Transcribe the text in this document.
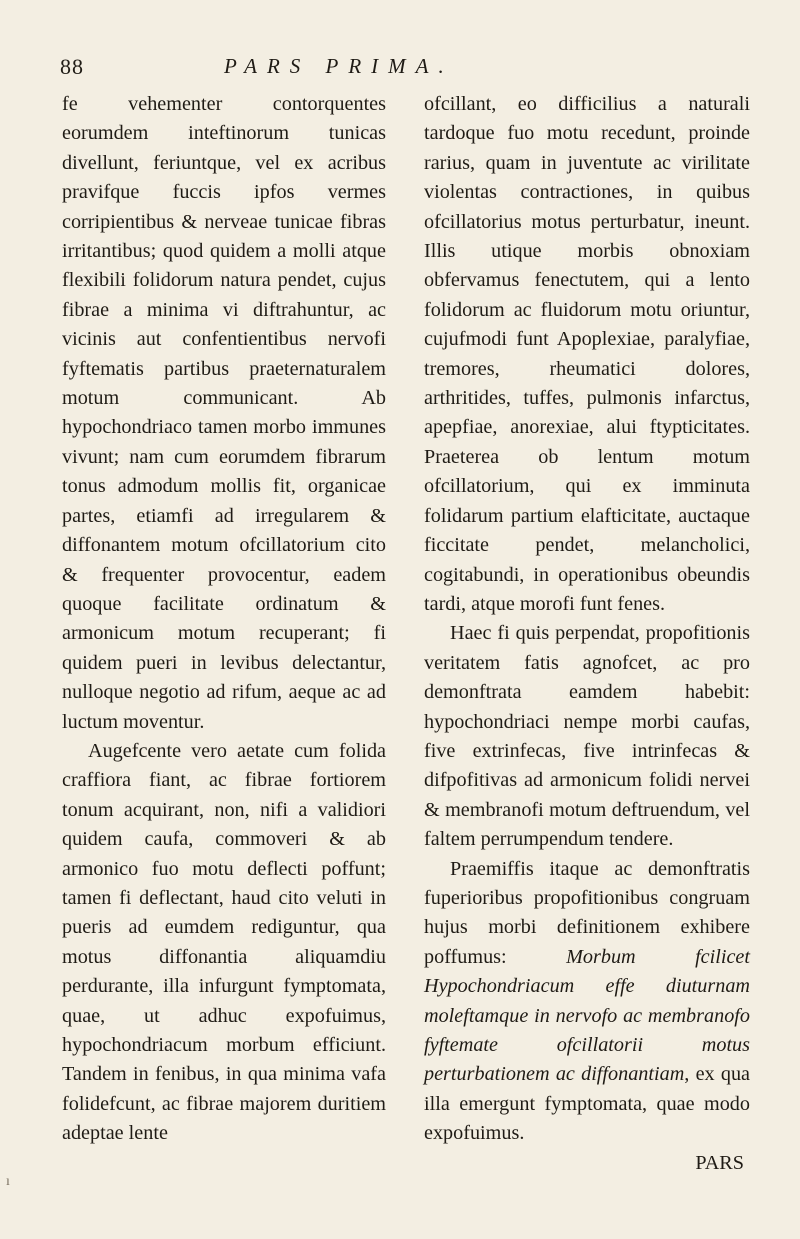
88	PARS PRIMA.

fe vehementer contorquentes eorumdem inteftinorum tunicas divellunt, feriuntque, vel ex acribus pravifque fuccis ipfos vermes corripientibus & nerveae tunicae fibras irritantibus; quod quidem a molli atque flexibili folidorum natura pendet, cujus fibrae a minima vi diftrahuntur, ac vicinis aut confentientibus nervofi fyftematis partibus praeternaturalem motum communicant. Ab hypochondriaco tamen morbo immunes vivunt; nam cum eorumdem fibrarum tonus admodum mollis fit, organicae partes, etiamfi ad irregularem & diffonantem motum ofcillatorium cito & frequenter provocentur, eadem quoque facilitate ordinatum & armonicum motum recuperant; fi quidem pueri in levibus delectantur, nulloque negotio ad rifum, aeque ac ad luctum moventur.

Augefcente vero aetate cum folida craffiora fiant, ac fibrae fortiorem tonum acquirant, non, nifi a validiori quidem caufa, commoveri & ab armonico fuo motu deflecti poffunt; tamen fi deflectant, haud cito veluti in pueris ad eumdem rediguntur, qua motus diffonantia aliquamdiu perdurante, illa infurgunt fymptomata, quae, ut adhuc expofuimus, hypochondriacum morbum efficiunt. Tandem in fenibus, in qua minima vafa folidefcunt, ac fibrae majorem duritiem adeptae lente

ofcillant, eo difficilius a naturali tardoque fuo motu recedunt, proinde rarius, quam in juventute ac virilitate violentas contractiones, in quibus ofcillatorius motus perturbatur, ineunt. Illis utique morbis obnoxiam obfervamus fenectutem, qui a lento folidorum ac fluidorum motu oriuntur, cujufmodi funt Apoplexiae, paralyfiae, tremores, rheumatici dolores, arthritides, tuffes, pulmonis infarctus, apepfiae, anorexiae, alui ftypticitates. Praeterea ob lentum motum ofcillatorium, qui ex imminuta folidarum partium elafticitate, auctaque ficcitate pendet, melancholici, cogitabundi, in operationibus obeundis tardi, atque morofi funt fenes.

Haec fi quis perpendat, propofitionis veritatem fatis agnofcet, ac pro demonftrata eamdem habebit: hypochondriaci nempe morbi caufas, five extrinfecas, five intrinfecas & difpofitivas ad armonicum folidi nervei & membranofi motum deftruendum, vel faltem perrumpendum tendere.

Praemiffis itaque ac demonftratis fuperioribus propofitionibus congruam hujus morbi definitionem exhibere poffumus: Morbum fcilicet Hypochondriacum effe diuturnam moleftamque in nervofo ac membranofo fyftemate ofcillatorii motus perturbationem ac diffonantiam, ex qua illa emergunt fymptomata, quae modo expofuimus.

PARS

ı
